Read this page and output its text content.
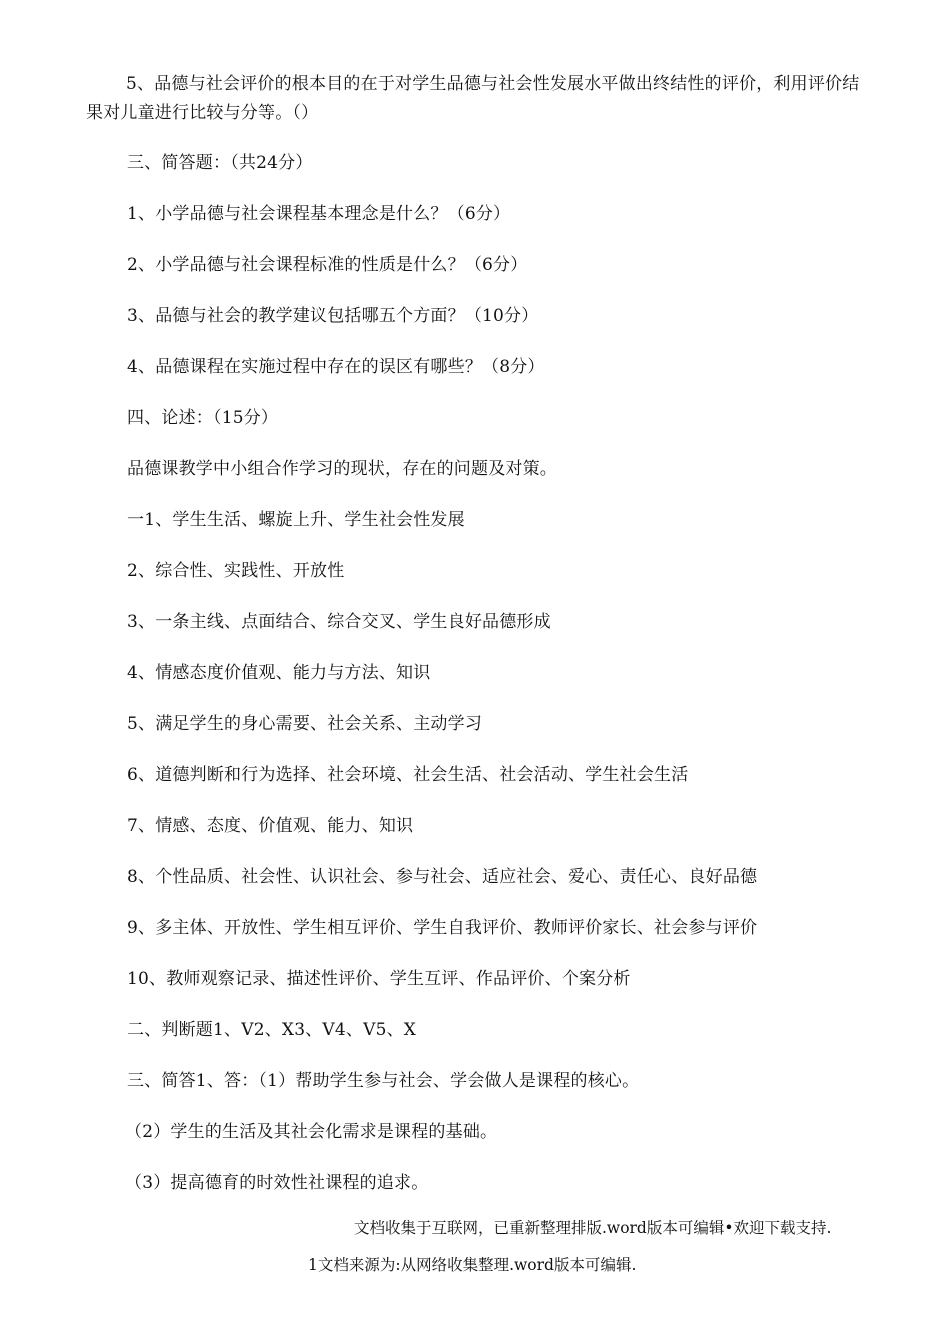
5、品德与社会评价的根本目的在于对学生品德与社会性发展水平做出终结性的评价，利用评价结果对儿童进行比较与分等。（）
三、简答题：（共24分）
1、小学品德与社会课程基本理念是什么？（6分）
2、小学品德与社会课程标准的性质是什么？（6分）
3、品德与社会的教学建议包括哪五个方面？（10分）
4、品德课程在实施过程中存在的误区有哪些？（8分）
四、论述：（15分）
品德课教学中小组合作学习的现状，存在的问题及对策。
一1、学生生活、螺旋上升、学生社会性发展
2、综合性、实践性、开放性
3、一条主线、点面结合、综合交叉、学生良好品德形成
4、情感态度价值观、能力与方法、知识
5、满足学生的身心需要、社会关系、主动学习
6、道德判断和行为选择、社会环境、社会生活、社会活动、学生社会生活
7、情感、态度、价值观、能力、知识
8、个性品质、社会性、认识社会、参与社会、适应社会、爱心、责任心、良好品德
9、多主体、开放性、学生相互评价、学生自我评价、教师评价家长、社会参与评价
10、教师观察记录、描述性评价、学生互评、作品评价、个案分析
二、判断题1、V2、X3、V4、V5、X
三、简答1、答：（1）帮助学生参与社会、学会做人是课程的核心。
（2）学生的生活及其社会化需求是课程的基础。
（3）提高德育的时效性社课程的追求。
文档收集于互联网，已重新整理排版.word版本可编辑•欢迎下载支持.
1文档来源为:从网络收集整理.word版本可编辑.
